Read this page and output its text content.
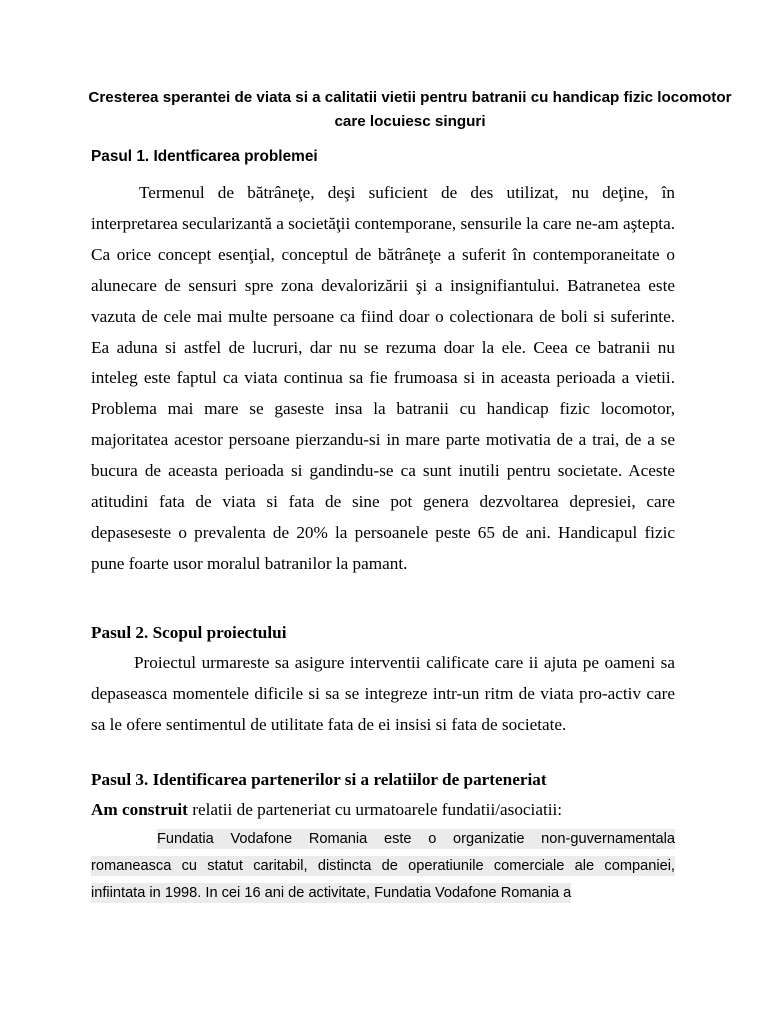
Cresterea sperantei de viata si a calitatii vietii pentru batranii cu handicap fizic locomotor care locuiesc singuri
Pasul 1. Identficarea problemei

Termenul de bătrâneţe, deşi suficient de des utilizat, nu deţine, în interpretarea secularizantă a societăţii contemporane, sensurile la care ne-am aştepta. Ca orice concept esenţial, conceptul de bătrâneţe a suferit în contemporaneitate o alunecare de sensuri spre zona devalorizării şi a insignifiantului. Batranetea este vazuta de cele mai multe persoane ca fiind doar o colectionara de boli si suferinte. Ea aduna si astfel de lucruri, dar nu se rezuma doar la ele. Ceea ce batranii nu inteleg este faptul ca viata continua sa fie frumoasa si in aceasta perioada a vietii. Problema mai mare se gaseste insa la batranii cu handicap fizic locomotor, majoritatea acestor persoane pierzandu-si in mare parte motivatia de a trai, de a se bucura de aceasta perioada si gandindu-se ca sunt inutili pentru societate. Aceste atitudini fata de viata si fata de sine pot genera dezvoltarea depresiei, care depaseseste o prevalenta de 20% la persoanele peste 65 de ani. Handicapul fizic pune foarte usor moralul batranilor la pamant.

Pasul 2. Scopul proiectului

Proiectul urmareste sa asigure interventii calificate care ii ajuta pe oameni sa depaseasca momentele dificile si sa se integreze intr-un ritm de viata pro-activ care sa le ofere sentimentul de utilitate fata de ei insisi si fata de societate.

Pasul 3. Identificarea partenerilor si a relatiilor de parteneriat
Am construit relatii de parteneriat cu urmatoarele fundatii/asociatii:

Fundatia Vodafone Romania este o organizatie non-guvernamentala romaneasca cu statut caritabil, distincta de operatiunile comerciale ale companiei, infiintata in 1998. In cei 16 ani de activitate, Fundatia Vodafone Romania a
